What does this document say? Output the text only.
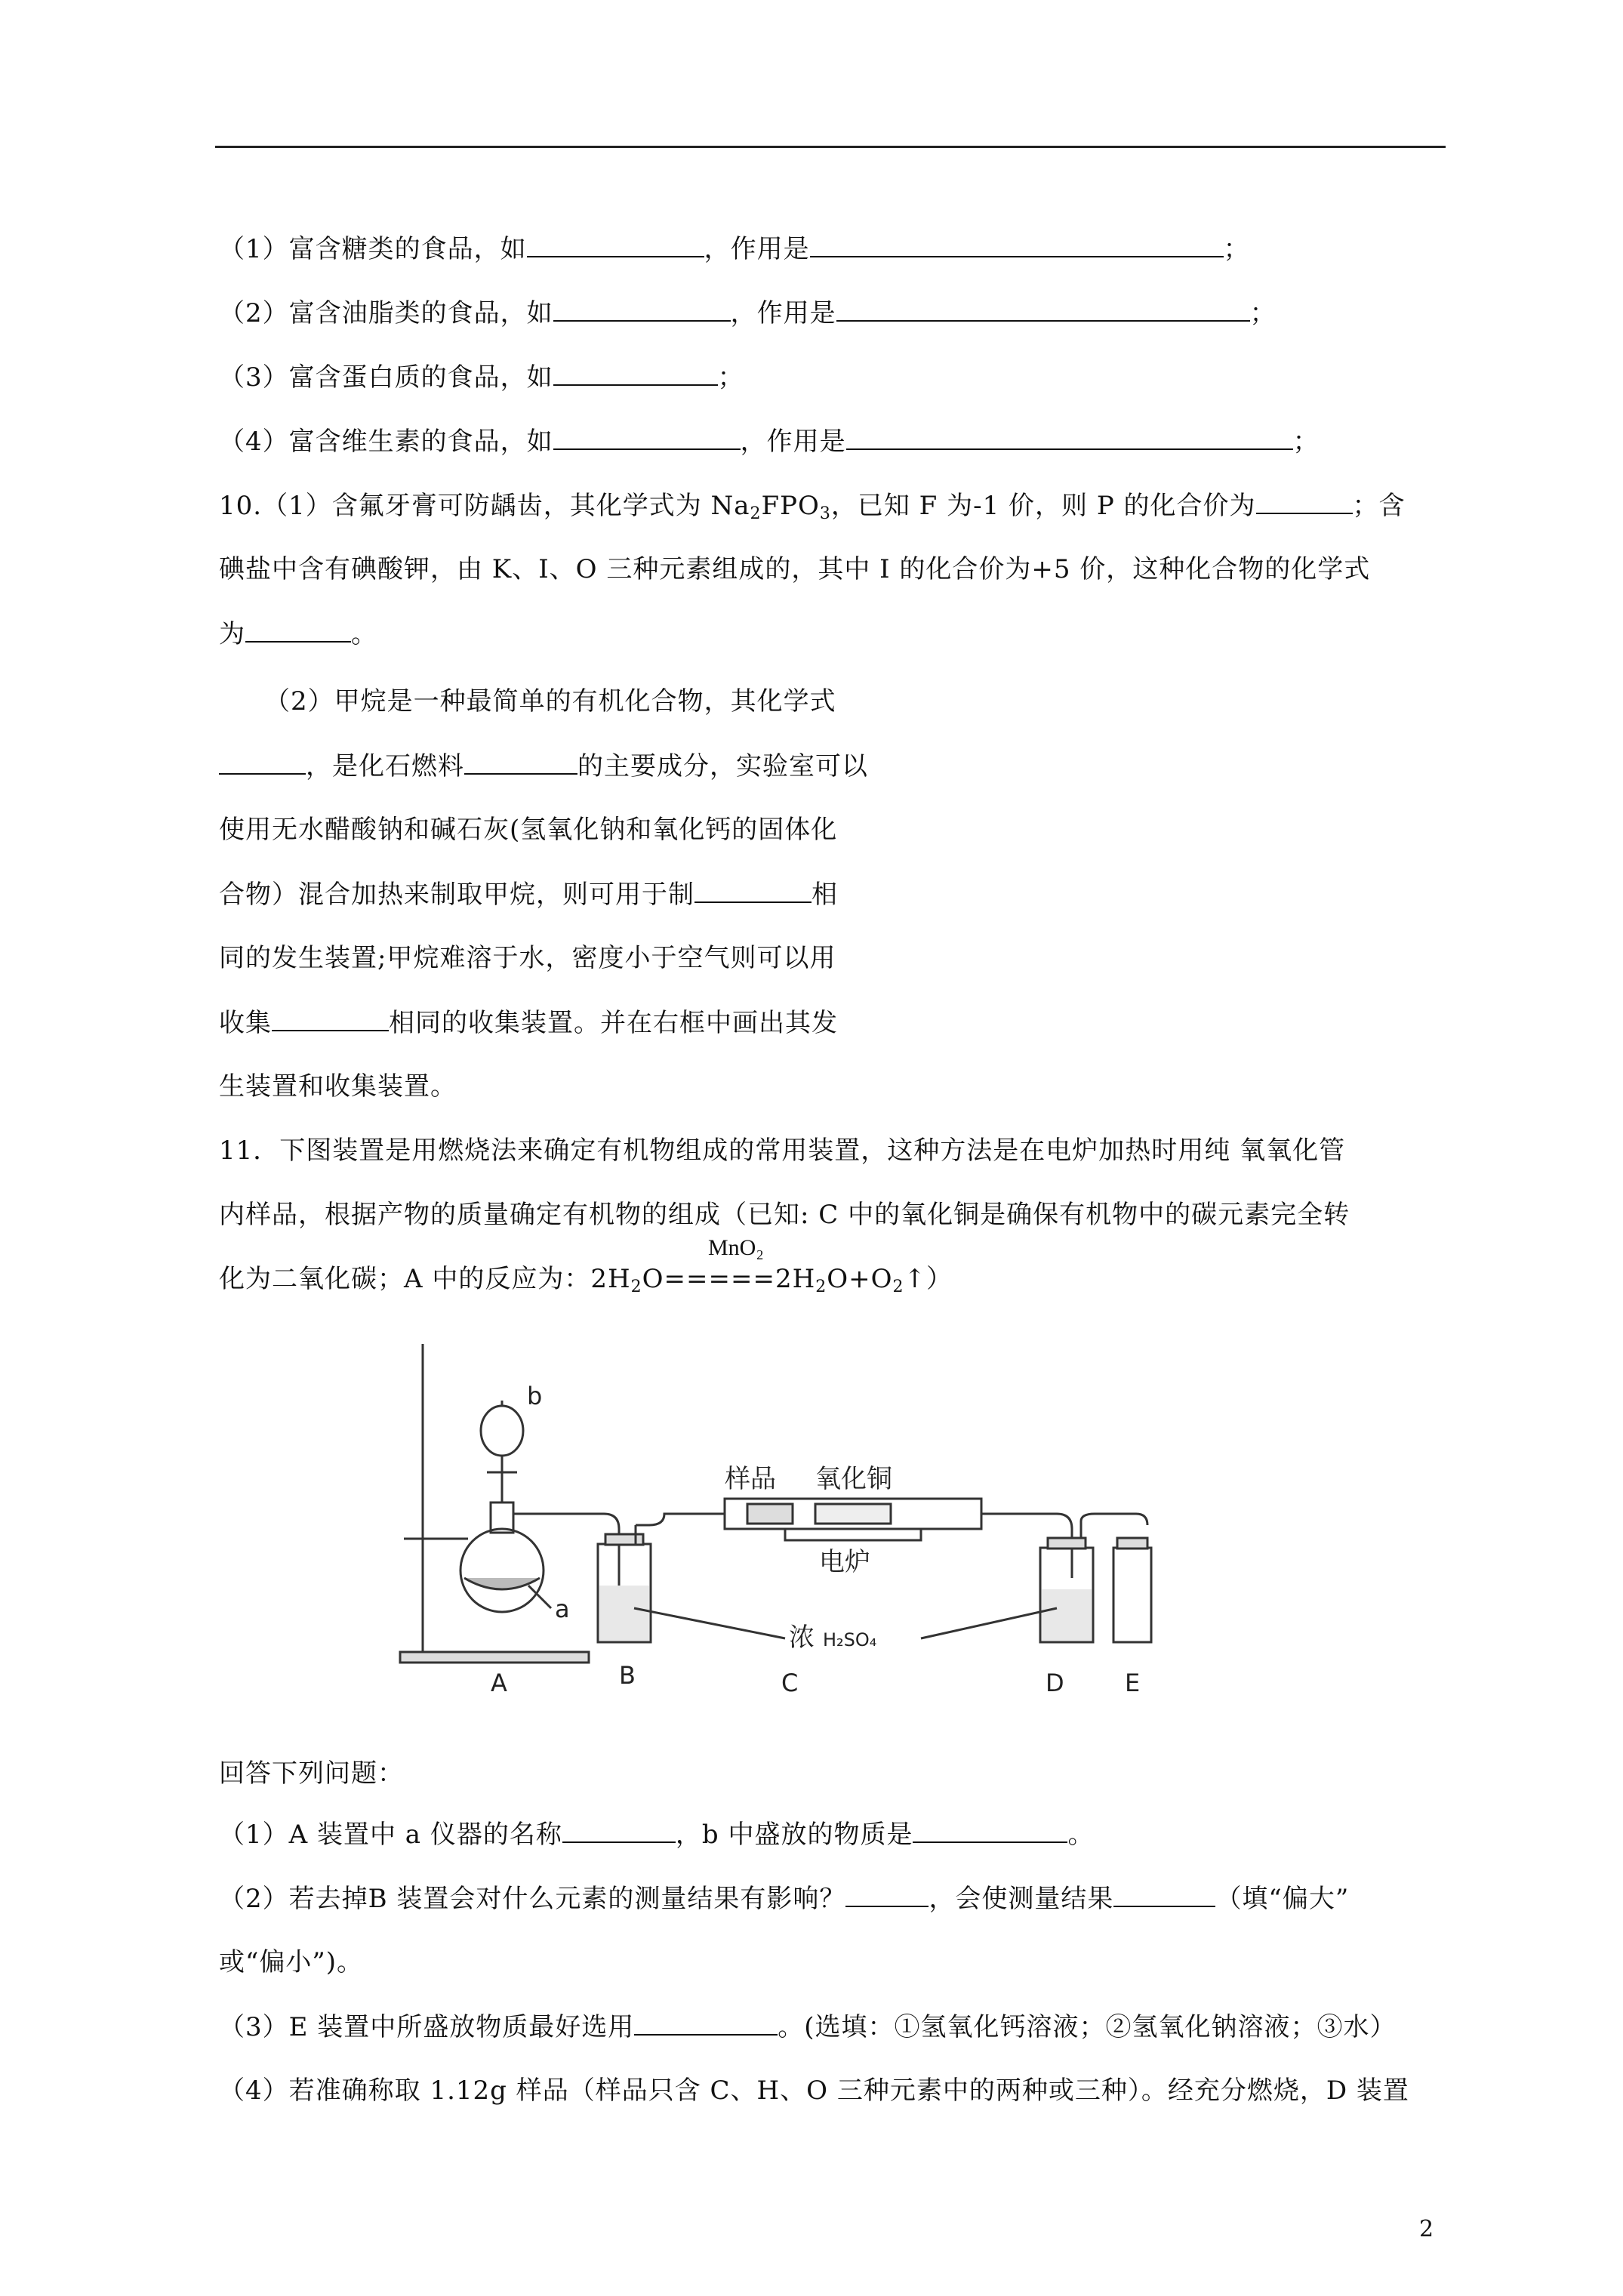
（1）富含糖类的食品，如	，作用是	；
（2）富含油脂类的食品，如	，作用是	；
（3）富含蛋白质的食品，如	；
（4）富含维生素的食品，如	，作用是	；
10.（1）含氟牙膏可防龋齿，其化学式为 $Na_2FPO_3$，已知 F 为-1 价，则 P 的化合价为	；含
碘盐中含有碘酸钾，由 K、I、O 三种元素组成的，其中 I 的化合价为+5 价，这种化合物的化学式
为	。
（2）甲烷是一种最简单的有机化合物，其化学式
，是化石燃料	的主要成分，实验室可以
使用无水醋酸钠和碱石灰(氢氧化钠和氧化钙的固体化
合物）混合加热来制取甲烷，则可用于制	相
同的发生装置;甲烷难溶于水，密度小于空气则可以用
收集	相同的收集装置。并在右框中画出其发
生装置和收集装置。
11．下图装置是用燃烧法来确定有机物组成的常用装置，这种方法是在电炉加热时用纯 氧氧化管
内样品，根据产物的质量确定有机物的组成（已知: C 中的氧化铜是确保有机物中的碳元素完全转
MnO₂
化为二氧化碳；A 中的反应为：$2H_2O=====2H_2O+O_2↑$）
b
a
样品 氧化铜
电炉
浓 H₂SO₄
A	B	C	D	E
回答下列问题：
（1）A 装置中 a 仪器的名称	，b 中盛放的物质是	。
（2）若去掉B 装置会对什么元素的测量结果有影响？	，会使测量结果	（填“偏大”
或“偏小”)。
（3）E 装置中所盛放物质最好选用	。(选填：①氢氧化钙溶液；②氢氧化钠溶液；③水）
（4）若准确称取 1.12g 样品（样品只含 C、H、O 三种元素中的两种或三种）。经充分燃烧，D 装置
2
